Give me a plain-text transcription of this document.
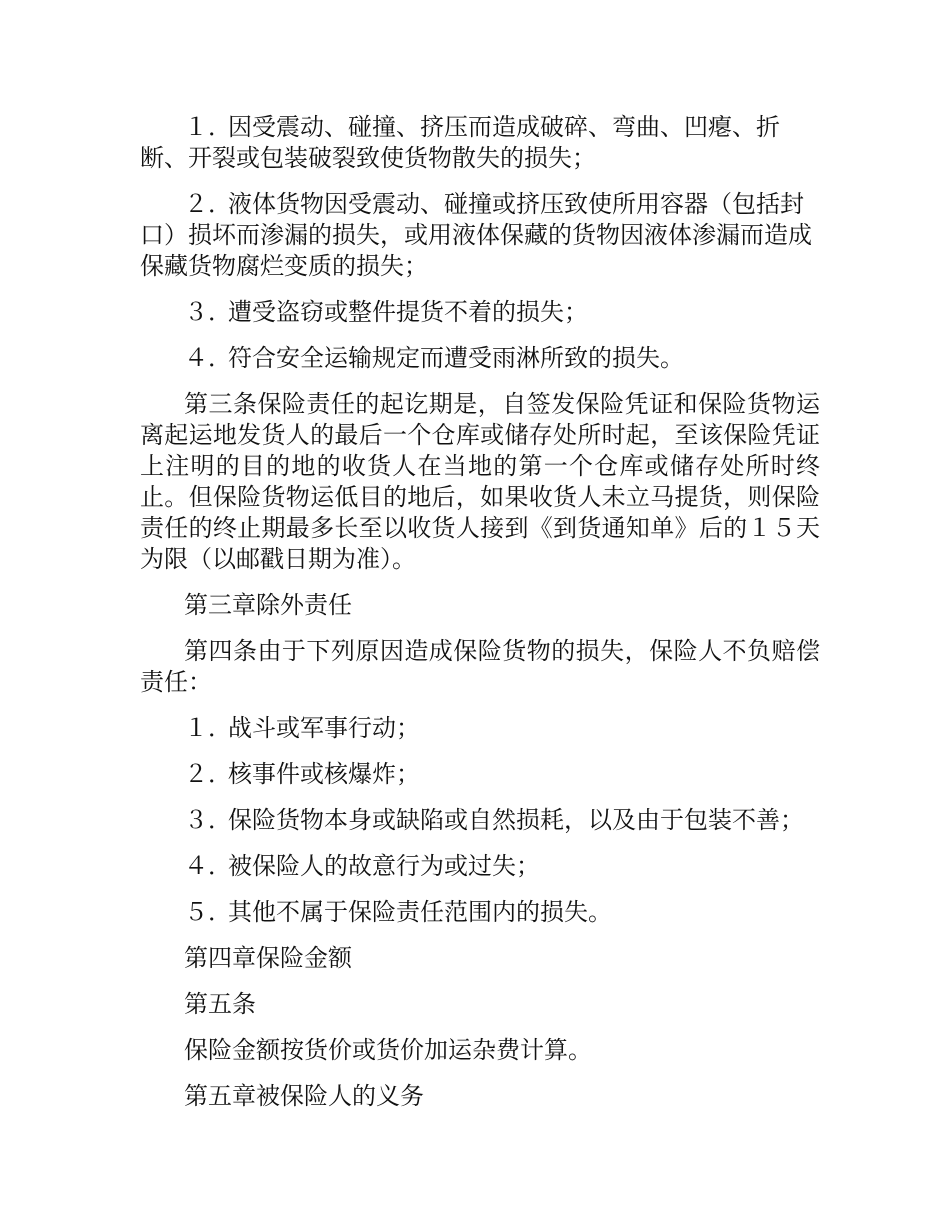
１．因受震动、碰撞、挤压而造成破碎、弯曲、凹瘪、折断、开裂或包装破裂致使货物散失的损失；

２．液体货物因受震动、碰撞或挤压致使所用容器（包括封口）损坏而渗漏的损失，或用液体保藏的货物因液体渗漏而造成保藏货物腐烂变质的损失；

３．遭受盗窃或整件提货不着的损失；

４．符合安全运输规定而遭受雨淋所致的损失。

第三条保险责任的起讫期是，自签发保险凭证和保险货物运离起运地发货人的最后一个仓库或储存处所时起，至该保险凭证上注明的目的地的收货人在当地的第一个仓库或储存处所时终止。但保险货物运低目的地后，如果收货人未立马提货，则保险责任的终止期最多长至以收货人接到《到货通知单》后的１５天为限（以邮戳日期为准）。

第三章除外责任

第四条由于下列原因造成保险货物的损失，保险人不负赔偿责任：

１．战斗或军事行动；

２．核事件或核爆炸；

３．保险货物本身或缺陷或自然损耗，以及由于包装不善；

４．被保险人的故意行为或过失；

５．其他不属于保险责任范围内的损失。

第四章保险金额

第五条

保险金额按货价或货价加运杂费计算。

第五章被保险人的义务
